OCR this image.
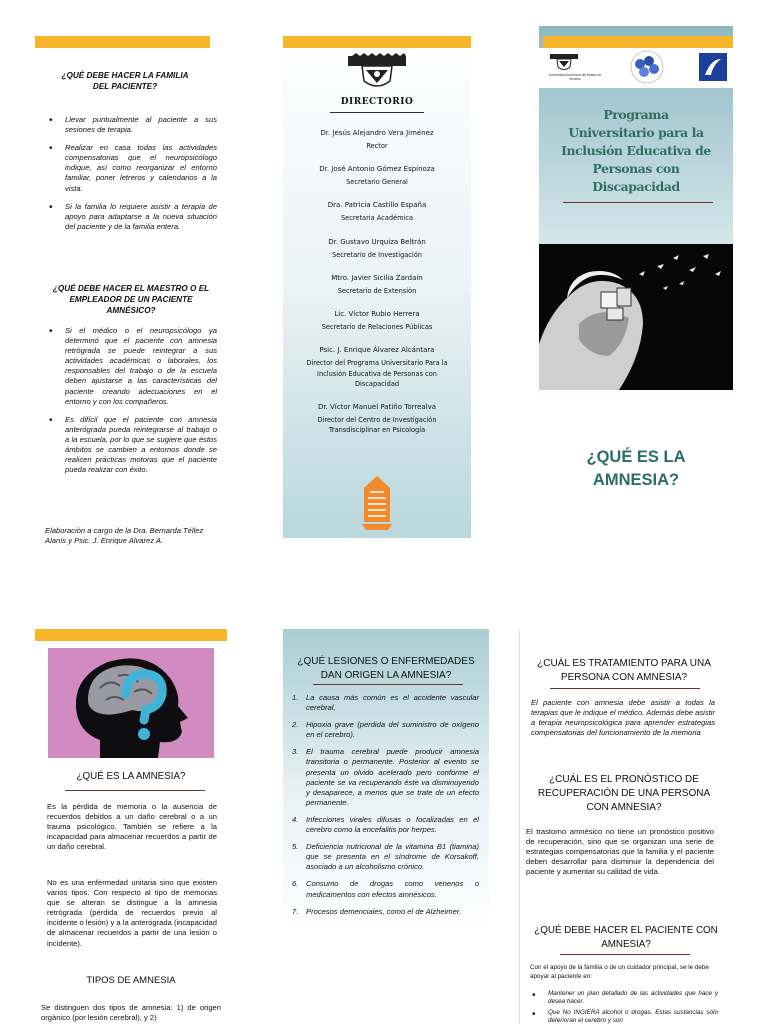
¿QUÉ DEBE HACER LA FAMILIA DEL PACIENTE?
• Llevar puntualmente al paciente a sus sesiones de terapia.
• Realizar en casa todas las actividades compensatorias que el neuropsicólogo indique, así como reorganizar el entorno familiar, poner letreros y calendarios a la vista.
• Si la familia lo requiere asistir a terapia de apoyo para adaptarse a la nueva situación del paciente y de la familia entera.
¿QUÉ DEBE HACER EL MAESTRO O EL EMPLEADOR DE UN PACIENTE AMNÉSICO?
• Si el médico o el neuropsicólogo ya determinó que el paciente con amnesia retrógrada se puede reintegrar a sus actividades académicas o laborales, los responsables del trabajo o de la escuela deben ajustarse a las características del paciente creando adecuaciones en el entorno y con los compañeros.
• Es difícil que el paciente con amnesia anterógrada pueda reintegrarse al trabajo o a la escuela, por lo que se sugiere que éstos ámbitos se cambien a entornos donde se realicen prácticas motoras que el paciente pueda realizar con éxito.
Elaboración a cargo de la Dra. Bernarda Téllez Alanís y Psic. J. Enrique Alvarez A.
DIRECTORIO
Dr. Jesús Alejandro Vera Jiménez
Rector
Dr. José Antonio Gómez Espinoza
Secretario General
Dra. Patricia Castillo España
Secretaria Académica
Dr. Gustavo Urquiza Beltrán
Secretario de Investigación
Mtro. Javier Sicilia Zardain
Secretario de Extensión
Lic. Víctor Rubio Herrera
Secretario de Relaciones Públicas
Psic. J. Enrique Álvarez Alcántara
Director del Programa Universitario Para la Inclusión Educativa de Personas con Discapacidad
Dr. Víctor Manuel Patiño Torrealva
Director del Centro de Investigación Transdisciplinar en Psicología
Universidad Autónoma del Estado de Morelos
Programa Universitario para la Inclusión Educativa de Personas con Discapacidad
¿QUÉ ES LA AMNESIA?
¿QUÉ ES LA AMNESIA?
Es la pérdida de memoria o la ausencia de recuerdos debidos a un daño cerebral o a un trauma psicológico. También se refiere a la incapacidad para almacenar recuerdos a partir de un daño cerebral.
No es una enfermedad unitaria sino que existen varios tipos. Con respecto al tipo de memorias que se alteran se distingue a la amnesia retrógrada (pérdida de recuerdos previo al incidente o lesión) y a la anterógrada (incapacidad de almacenar recuerdos a partir de una lesión o incidente).
TIPOS DE AMNESIA
Se distinguen dos tipos de amnesia: 1) de origen orgánico (por lesión cerebral), y 2)
¿QUÉ LESIONES O ENFERMEDADES DAN ORIGEN LA AMNESIA?
1. La causa más común es el accidente vascular cerebral,
2. Hipoxia grave (perdida del suministro de oxígeno en el cerebro).
3. El trauma cerebral puede producir amnesia transitoria o permanente. Posterior al evento se presenta un olvido acelerado pero conforme el paciente se va recuperando éste va disminuyendo y desaparece, a menos que se trate de un efecto permanente.
4. Infecciones virales difusas o focalizadas en el cerebro como la encefalitis por herpes.
5. Deficiencia nutricional de la vitamina B1 (tiamina) que se presenta en el síndrome de Korsakoff, asociado a un alcoholismo crónico.
6. Consumo de drogas como venenos o medicamentos con efectos amnésicos.
7. Procesos demenciales, como el de Alzheimer.
¿CUÁL ES TRATAMIENTO PARA UNA PERSONA CON AMNESIA?
El paciente con amnesia debe asistir a todas la terapias que le indique el médico. Además debe asistir a terapia neuropsicológica para aprender estrategias compensatorias del funcionamiento de la memoria
¿CUÁL ES EL PRONÓSTICO DE RECUPERACIÓN DE UNA PERSONA CON AMNESIA?
El trastorno amnésico no tiene un pronóstico positivo de recuperación, sino que se organizan una serie de estrategias compensatorias que la familia y el paciente deben desarrollar para disminuir la dependencia del paciente y aumentar su calidad de vida.
¿QUÉ DEBE HACER EL PACIENTE CON AMNESIA?
Con el apoyo de la familia o de un cuidador principal, se le debe apoyar al paciente en:
• Mantener un plan detallado de las actividades que hace y desea hacer.
• Que No INGIERA alcohol o drogas. Estas sustancias sólo deterioran el cerebro y son
